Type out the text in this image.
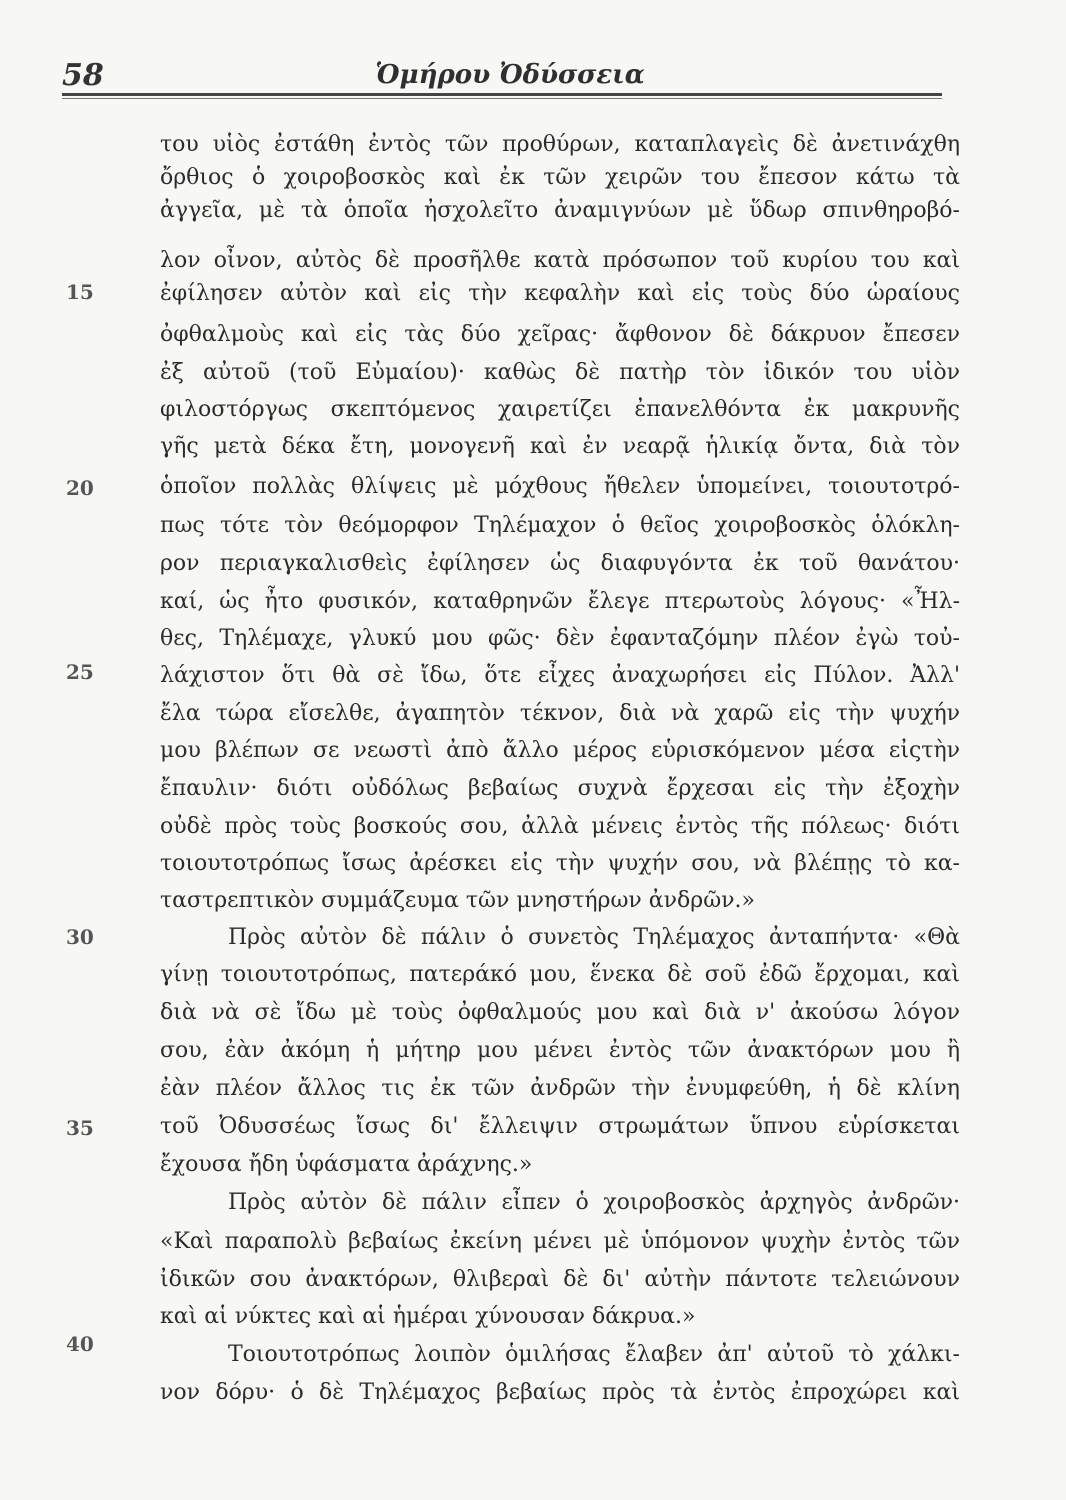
58	Ὁμήρου Ὀδύσσεια
15
20
25
30
35
40
του υἱὸς ἐστάθη ἐντὸς τῶν προθύρων, καταπλαγεὶς δὲ ἀνετινάχθη
ὄρθιος ὁ χοιροβοσκὸς καὶ ἐκ τῶν χειρῶν του ἔπεσον κάτω τὰ
ἀγγεῖα, μὲ τὰ ὁποῖα ἠσχολεῖτο ἀναμιγνύων μὲ ὕδωρ σπινθηροβό-
λον οἶνον, αὐτὸς δὲ προσῆλθε κατὰ πρόσωπον τοῦ κυρίου του καὶ
ἐφίλησεν αὐτὸν καὶ εἰς τὴν κεφαλὴν καὶ εἰς τοὺς δύο ὡραίους
ὀφθαλμοὺς καὶ εἰς τὰς δύο χεῖρας· ἄφθονον δὲ δάκρυον ἔπεσεν
ἐξ αὐτοῦ (τοῦ Εὐμαίου)· καθὼς δὲ πατὴρ τὸν ἰδικόν του υἱὸν
φιλοστόργως σκεπτόμενος χαιρετίζει ἐπανελθόντα ἐκ μακρυνῆς
γῆς μετὰ δέκα ἔτη, μονογενῆ καὶ ἐν νεαρᾷ ἡλικίᾳ ὄντα, διὰ τὸν
ὁποῖον πολλὰς θλίψεις μὲ μόχθους ἤθελεν ὑπομείνει, τοιουτοτρό-
πως τότε τὸν θεόμορφον Τηλέμαχον ὁ θεῖος χοιροβοσκὸς ὁλόκλη-
ρον περιαγκαλισθεὶς ἐφίλησεν ὡς διαφυγόντα ἐκ τοῦ θανάτου·
καί, ὡς ἦτο φυσικόν, καταθρηνῶν ἔλεγε πτερωτοὺς λόγους· «Ἦλ-
θες, Τηλέμαχε, γλυκύ μου φῶς· δὲν ἐφανταζόμην πλέον ἐγὼ τοὐ-
λάχιστον ὅτι θὰ σὲ ἴδω, ὅτε εἶχες ἀναχωρήσει εἰς Πύλον. Ἀλλ'
ἔλα τώρα εἴσελθε, ἀγαπητὸν τέκνον, διὰ νὰ χαρῶ εἰς τὴν ψυχήν
μου βλέπων σε νεωστὶ ἀπὸ ἄλλο μέρος εὑρισκόμενον μέσα εἰςτὴν
ἔπαυλιν· διότι οὐδόλως βεβαίως συχνὰ ἔρχεσαι εἰς τὴν ἐξοχὴν
οὐδὲ πρὸς τοὺς βοσκούς σου, ἀλλὰ μένεις ἐντὸς τῆς πόλεως· διότι
τοιουτοτρόπως ἴσως ἀρέσκει εἰς τὴν ψυχήν σου, νὰ βλέπῃς τὸ κα-
ταστρεπτικὸν συμμάζευμα τῶν μνηστήρων ἀνδρῶν.»
Πρὸς αὐτὸν δὲ πάλιν ὁ συνετὸς Τηλέμαχος ἀνταπήντα· «Θὰ
γίνῃ τοιουτοτρόπως, πατεράκό μου, ἕνεκα δὲ σοῦ ἐδῶ ἔρχομαι, καὶ
διὰ νὰ σὲ ἴδω μὲ τοὺς ὀφθαλμούς μου καὶ διὰ ν' ἀκούσω λόγον
σου, ἐὰν ἀκόμη ἡ μήτηρ μου μένει ἐντὸς τῶν ἀνακτόρων μου ἢ
ἐὰν πλέον ἄλλος τις ἐκ τῶν ἀνδρῶν τὴν ἐνυμφεύθη, ἡ δὲ κλίνη
τοῦ Ὀδυσσέως ἴσως δι' ἔλλειψιν στρωμάτων ὕπνου εὑρίσκεται
ἔχουσα ἤδη ὑφάσματα ἀράχνης.»
Πρὸς αὐτὸν δὲ πάλιν εἶπεν ὁ χοιροβοσκὸς ἀρχηγὸς ἀνδρῶν·
«Καὶ παραπολὺ βεβαίως ἐκείνη μένει μὲ ὑπόμονον ψυχὴν ἐντὸς τῶν
ἰδικῶν σου ἀνακτόρων, θλιβεραὶ δὲ δι' αὐτὴν πάντοτε τελειώνουν
καὶ αἱ νύκτες καὶ αἱ ἡμέραι χύνουσαν δάκρυα.»
Τοιουτοτρόπως λοιπὸν ὁμιλήσας ἔλαβεν ἀπ' αὐτοῦ τὸ χάλκι-
νον δόρυ· ὁ δὲ Τηλέμαχος βεβαίως πρὸς τὰ ἐντὸς ἐπροχώρει καὶ
